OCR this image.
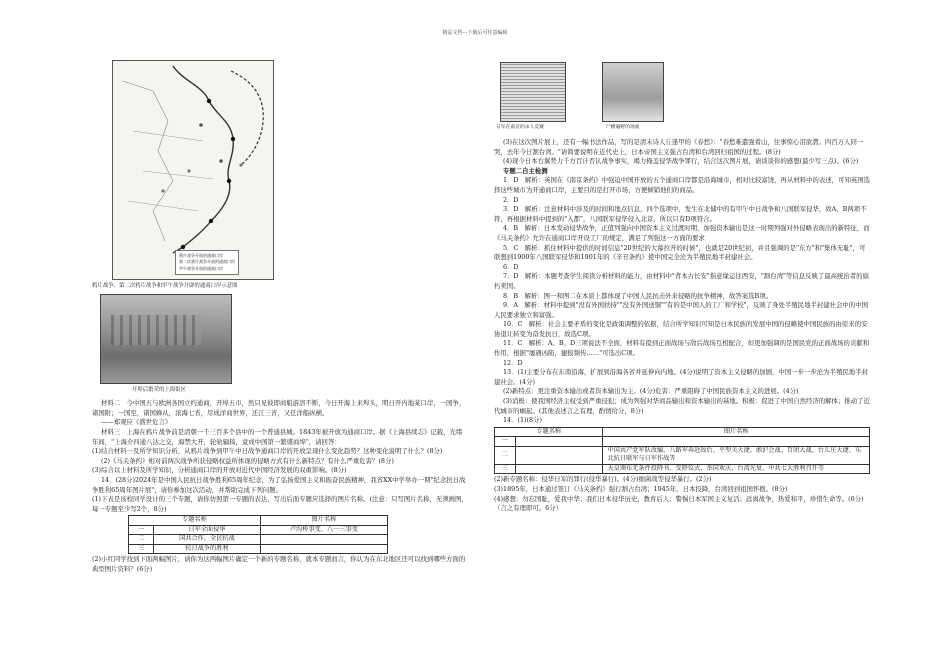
精品文档---下载后可任意编辑
鸦片战争开放的通商口岸
第二次鸦片战争开放的通商口岸
甲午战争开放的通商口岸
鸦片战争、第二次鸦片战争和甲午战争开辟的通商口岸示意图
开埠后繁荣的上海街区

材料二　今中国五与欧洲各国立约通商，开埠五市，然只见彼即商船游溶不断，今日开海上来埠头，明日开内地某口岸，一国争，诸国附；一国至，诸国蜂从，浓海七省，尽成洋商世界，还江三省，又任洋船纵横。

——郑观应《盛世危言》

材料三　上海在鸦片战争前是清朝一千三百多个县中的一个普通县城。1843年被开放为通商口岸。据《上海县续志》记载，光绪年间，"上海介四通八达之交，海禁大开，轮轨辐辏，竟成中国第一繁盛商埠"，请回答：

(1)结合材料一及所学知识分析，从鸦片战争到甲午中日战争通商口岸的开放呈现什么变化趋势？这种变化说明了什么？(8分)

(2)《马关条约》相对前两次战争所获侵略权益所体现的侵略方式有什么新特点？有什么严重危害？(8分)

(3)综合以上材料及所学知识，分析通商口岸的开放对近代中国经济发展的双重影响。(8分)

14．(28分)2024年是中国人民抗日战争胜利65周年纪念，为了弘扬爱国主义和振奋民族精神，我省XX中学举办一期"纪念抗日战争胜利65周年图片展"，请你参加这次活动，并帮助完成下列问题。

(1)下表是该校同学设计的三个专题，请你仿照第一专题的表达，写出后面专题应选择的图片名称。(注意：只写图片名称，无须画图，每一专题至少写2个，8分)

专题名称		图片名称
一	日军全面侵华	卢沟桥事变、八一三事变
二	国共合作，全民抗战	
三	抗日战争的胜利	

(2)小红同学找到下面两幅图片，请你为这两幅图片确定一个新的专题名称，就本专题而言，你认为在东北地区还可以找到哪些方面的典型图片资料？(6分)

日军在南京的杀人竞赛	尸横遍野的场面

(3)在这次图片展上，还有一幅书法作品，写的是清末诗人丘逢甲的《春愁》："春愁难遣强看山，往事惊心泪欲潸。四百万人同一哭，去年今日割台湾。"请简要说明在近代史上，日本帝国主义强占台湾和台湾回归祖国的过程。(8分)

(4)现今日本右翼势力千方百计否认战争事实，竭力掩盖侵华战争罪行，结合这次图片展，请谈谈你的感想(最少写三点)。(6分)

专题二自主检测

1．D　解析：英国在《南京条约》中强迫中国开放的五个通商口岸都是沿海城市，相对比较富饶，再从材料中的表述，可知英国选择这些城市为开通商口岸，主要目的是打开市场，方便倾销他们的商品。

2．D

3．D　解析：注意材料中涉及的时间和地点信息，四个选项中，发生在北储中的有甲午中日战争和八国联军侵华，故A、B两项不符，再根据材料中提到的"入都"，八国联军侵华侵入北京，所以只有D项符合。

4．B　解析：日本发动侵华战争，正值列强向中国资本主义过渡时期，加强资本输出是这一时期列强对外侵略表现出的新特征，而《马关条约》允许在通商口岸开设工厂的规定，满足了列强这一方面的要求

5．C　解析：抓住材料中提供的时间信息"20世纪的大幕拉开的时候"，也就是20世纪初，并且强调的是"东方"和"集体无耻"，可联想到1900年八国联军侵华和1901年的《辛丑条约》使中国完全沦为半殖民地半封建社会。

6．D

7．D　解析：本题考查学生阅读分析材料的能力，由材料中"背本古长安"指意缘运往西安，"割台湾"等信息反映了最高统治者的腐朽卖国。

8．B　解析：图一和图二在本质上都体现了中国人民抗击外来侵略的抗争精神，故答案选B项。

9．A　解析：材料中提到"没有外国扶持""没有外国送铜""有的是中国人的工厂和学校"，反映了身处半殖民地半封建社会中的中国人民要求独立和富强。

10．C　解析：社会主要矛盾的变化是政策调整的依据，结合所学知识可知是日本民族的发展中国的侵略使中国民族的由原来的安协退让转变为奋发抗日，故选C项。

11．C　解析：A、B、D三项说法不全面，材料有提到正面战场与敌后战场互相配合，但更加强调的是国民党的正面战场的贡献和作用，根据"屡遇凶陷，捷报频传……"可选出C项。

12．D

13．(1)主要分布在东南沿海，扩展到沿海各省并延伸向内地。(4分)说明了资本主义侵略的加剧，中国一步一步沦为半殖民地半封建社会。(4分)

(2)新特点：更注重资本输出或者资本输出为主。(4分)危害：严重阻碍了中国民族资本主义的进展。(4分)

(3)消极：使我国经济主权受到严重侵犯；成为列强对华商品输出和资本输出的基地。积极：促进了中国自然经济的解体；推动了近代城市的崛起。(其他表述言之有理，酌情给分，8分)

14．(1)(8分)

专题名称		图片名称
一		
二		中国共产党军队改编、八路军奔赴敌后、平型关大捷、淞沪会战、百团大战、台儿庄大捷、东北抗日联军与日军作战等
三		天皇颁布无条件投降书、受降仪式、举国欢庆、台湾光复、中共七大胜利召开等

(2)新专题名称：侵华日军的罪行(侵华暴行)。(4分)细菌战等侵华暴行。(2分)

(3)1895年，日本通过签订《马关条约》强行割占台湾；1945年，日本投降，台湾回到祖国怀抱。(8分)

(4)感想：勿忘国耻，爱我中华；我们日本侵华历史，教育后人；警惕日本军国主义复活；远离战争，热爱和平，珍惜生命等。(6分)（言之有理即可。6分）
